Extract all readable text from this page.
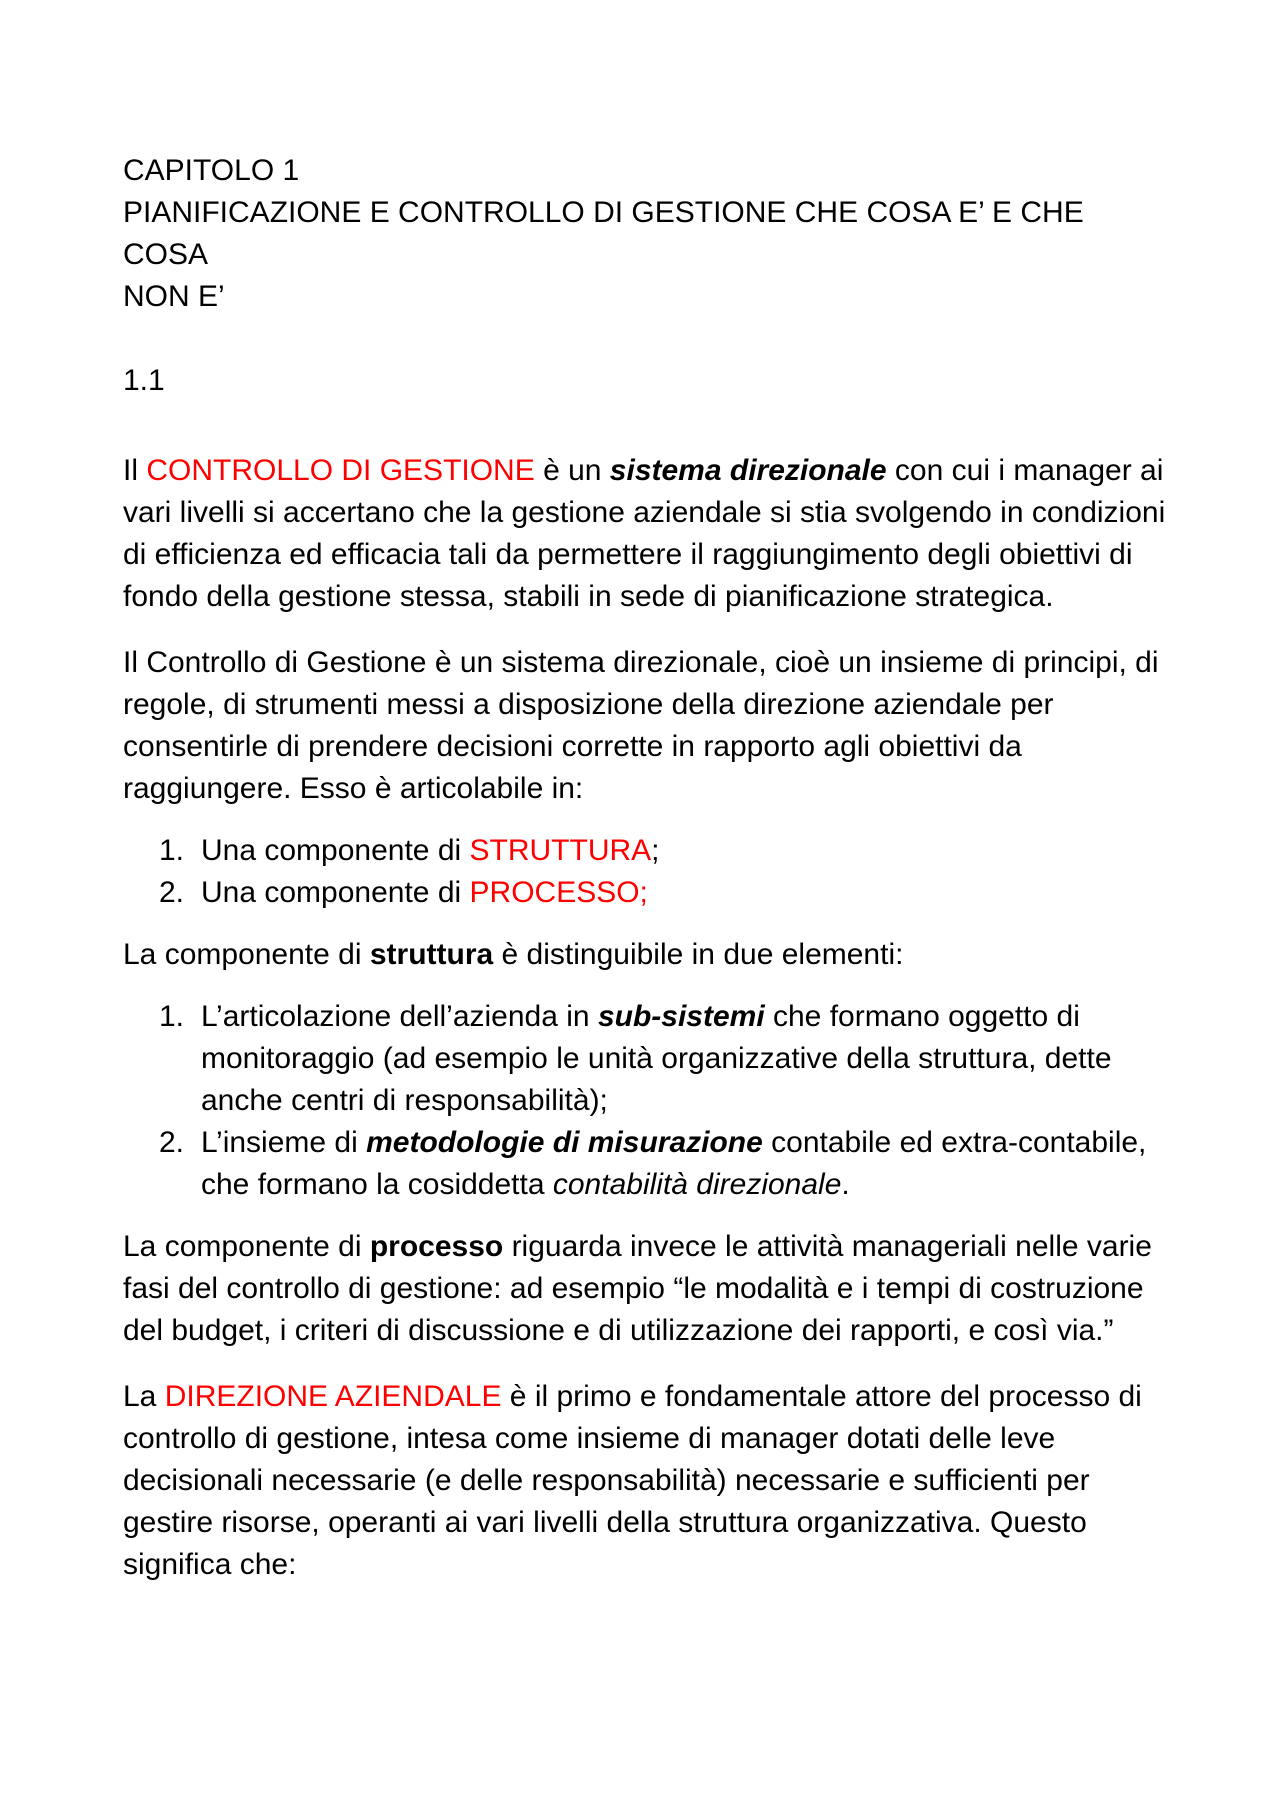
CAPITOLO 1
PIANIFICAZIONE E CONTROLLO DI GESTIONE CHE COSA E’ E CHE COSA
NON E’
1.1

Il CONTROLLO DI GESTIONE è un sistema direzionale con cui i manager ai vari livelli si accertano che la gestione aziendale si stia svolgendo in condizioni di efficienza ed efficacia tali da permettere il raggiungimento degli obiettivi di fondo della gestione stessa, stabili in sede di pianificazione strategica.

Il Controllo di Gestione è un sistema direzionale, cioè un insieme di principi, di regole, di strumenti messi a disposizione della direzione aziendale per consentirle di prendere decisioni corrette in rapporto agli obiettivi da raggiungere. Esso è articolabile in:

1. Una componente di STRUTTURA;
2. Una componente di PROCESSO;

La componente di struttura è distinguibile in due elementi:

1. L’articolazione dell’azienda in sub-sistemi che formano oggetto di monitoraggio (ad esempio le unità organizzative della struttura, dette anche centri di responsabilità);
2. L’insieme di metodologie di misurazione contabile ed extra-contabile, che formano la cosiddetta contabilità direzionale.

La componente di processo riguarda invece le attività manageriali nelle varie fasi del controllo di gestione: ad esempio “le modalità e i tempi di costruzione del budget, i criteri di discussione e di utilizzazione dei rapporti, e così via.”

La DIREZIONE AZIENDALE è il primo e fondamentale attore del processo di controllo di gestione, intesa come insieme di manager dotati delle leve decisionali necessarie (e delle responsabilità) necessarie e sufficienti per gestire risorse, operanti ai vari livelli della struttura organizzativa. Questo significa che:
